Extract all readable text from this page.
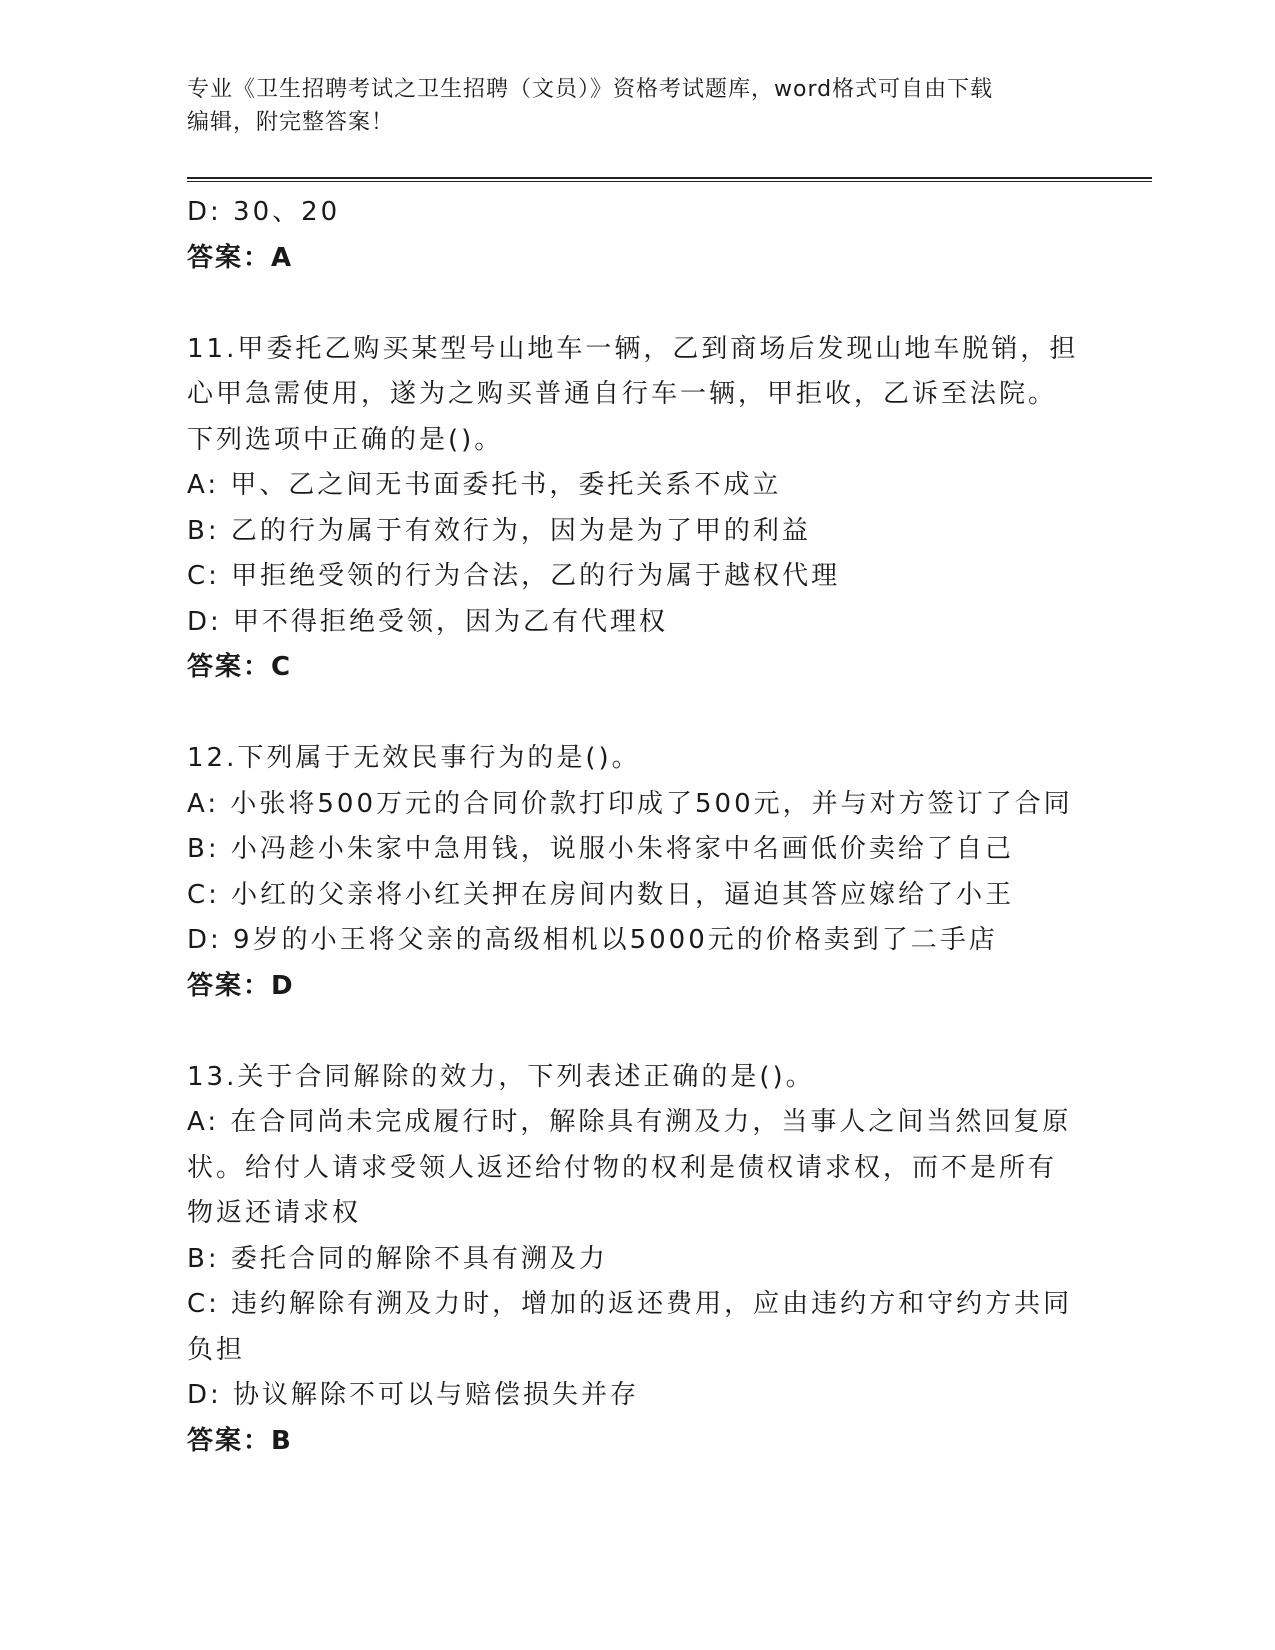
专业《卫生招聘考试之卫生招聘（文员）》资格考试题库，word格式可自由下载
编辑，附完整答案！
D: 30、20
答案：A
11.甲委托乙购买某型号山地车一辆，乙到商场后发现山地车脱销，担
心甲急需使用，遂为之购买普通自行车一辆，甲拒收，乙诉至法院。
下列选项中正确的是()。
A: 甲、乙之间无书面委托书，委托关系不成立
B: 乙的行为属于有效行为，因为是为了甲的利益
C: 甲拒绝受领的行为合法，乙的行为属于越权代理
D: 甲不得拒绝受领，因为乙有代理权
答案：C
12.下列属于无效民事行为的是()。
A: 小张将500万元的合同价款打印成了500元，并与对方签订了合同
B: 小冯趁小朱家中急用钱，说服小朱将家中名画低价卖给了自己
C: 小红的父亲将小红关押在房间内数日，逼迫其答应嫁给了小王
D: 9岁的小王将父亲的高级相机以5000元的价格卖到了二手店
答案：D
13.关于合同解除的效力，下列表述正确的是()。
A: 在合同尚未完成履行时，解除具有溯及力，当事人之间当然回复原
状。给付人请求受领人返还给付物的权利是债权请求权，而不是所有
物返还请求权
B: 委托合同的解除不具有溯及力
C: 违约解除有溯及力时，增加的返还费用，应由违约方和守约方共同
负担
D: 协议解除不可以与赔偿损失并存
答案：B
